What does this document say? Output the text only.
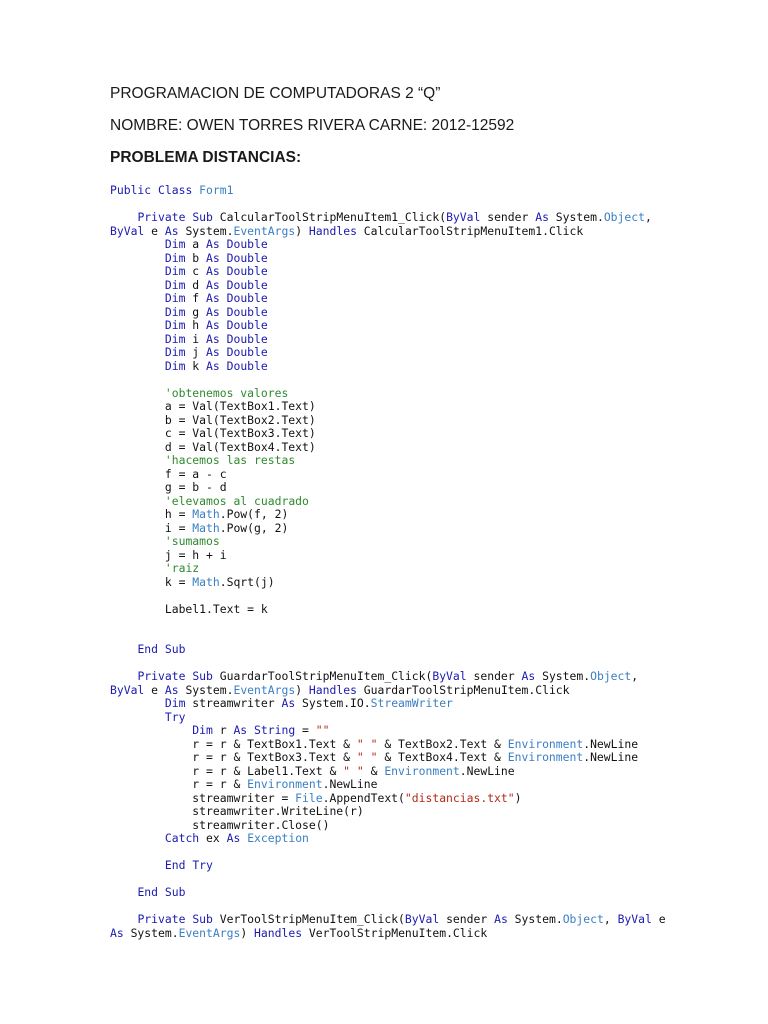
PROGRAMACION DE COMPUTADORAS 2 “Q”
NOMBRE: OWEN TORRES RIVERA CARNE: 2012-12592
PROBLEMA DISTANCIAS:
Public Class Form1

Private Sub CalcularToolStripMenuItem1_Click(ByVal sender As System.Object,
ByVal e As System.EventArgs) Handles CalcularToolStripMenuItem1.Click
Dim a As Double
Dim b As Double
Dim c As Double
Dim d As Double
Dim f As Double
Dim g As Double
Dim h As Double
Dim i As Double
Dim j As Double
Dim k As Double

'obtenemos valores
a = Val(TextBox1.Text)
b = Val(TextBox2.Text)
c = Val(TextBox3.Text)
d = Val(TextBox4.Text)
'hacemos las restas
f = a - c
g = b - d
'elevamos al cuadrado
h = Math.Pow(f, 2)
i = Math.Pow(g, 2)
'sumamos
j = h + i
'raiz
k = Math.Sqrt(j)

Label1.Text = k

End Sub

Private Sub GuardarToolStripMenuItem_Click(ByVal sender As System.Object,
ByVal e As System.EventArgs) Handles GuardarToolStripMenuItem.Click
Dim streamwriter As System.IO.StreamWriter
Try
Dim r As String = ""
r = r & TextBox1.Text & " " & TextBox2.Text & Environment.NewLine
r = r & TextBox3.Text & " " & TextBox4.Text & Environment.NewLine
r = r & Label1.Text & " " & Environment.NewLine
r = r & Environment.NewLine
streamwriter = File.AppendText("distancias.txt")
streamwriter.WriteLine(r)
streamwriter.Close()
Catch ex As Exception

End Try

End Sub

Private Sub VerToolStripMenuItem_Click(ByVal sender As System.Object, ByVal e
As System.EventArgs) Handles VerToolStripMenuItem.Click
